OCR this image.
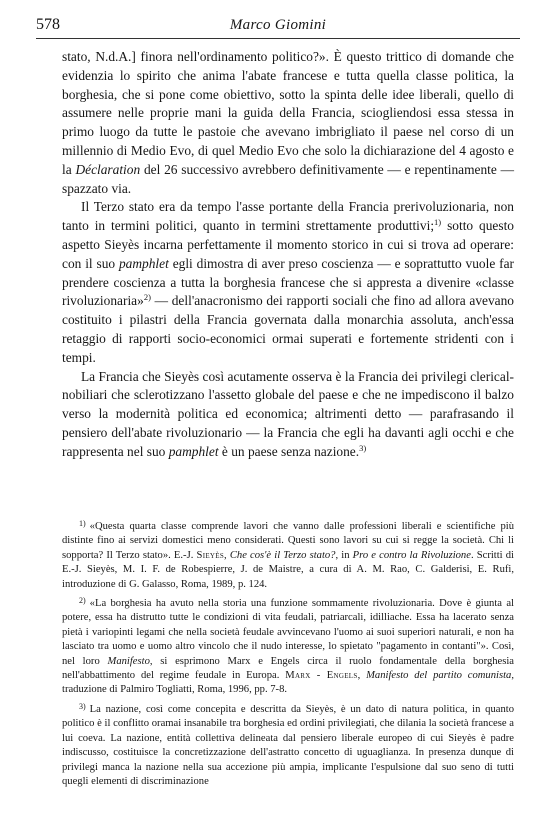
578	Marco Giomini

stato, N.d.A.] finora nell'ordinamento politico?». È questo trittico di domande che evidenzia lo spirito che anima l'abate francese e tutta quella classe politica, la borghesia, che si pone come obiettivo, sotto la spinta delle idee liberali, quello di assumere nelle proprie mani la guida della Francia, sciogliendosi essa stessa in primo luogo da tutte le pastoie che avevano imbrigliato il paese nel corso di un millennio di Medio Evo, di quel Medio Evo che solo la dichiarazione del 4 agosto e la Déclaration del 26 successivo avrebbero definitivamente — e repentinamente — spazzato via.

Il Terzo stato era da tempo l'asse portante della Francia prerivoluzionaria, non tanto in termini politici, quanto in termini strettamente produttivi;$^{1)}$ sotto questo aspetto Sieyès incarna perfettamente il momento storico in cui si trova ad operare: con il suo pamphlet egli dimostra di aver preso coscienza — e soprattutto vuole far prendere coscienza a tutta la borghesia francese che si appresta a divenire «classe rivoluzionaria»$^{2)}$ — dell'anacronismo dei rapporti sociali che fino ad allora avevano costituito i pilastri della Francia governata dalla monarchia assoluta, anch'essa retaggio di rapporti socio-economici ormai superati e fortemente stridenti con i tempi.

La Francia che Sieyès così acutamente osserva è la Francia dei privilegi clerical-nobiliari che sclerotizzano l'assetto globale del paese e che ne impediscono il balzo verso la modernità politica ed economica; altrimenti detto — parafrasando il pensiero dell'abate rivoluzionario — la Francia che egli ha davanti agli occhi e che rappresenta nel suo pamphlet è un paese senza nazione.$^{3)}$

$^{1)}$ «Questa quarta classe comprende lavori che vanno dalle professioni liberali e scientifiche più distinte fino ai servizi domestici meno considerati. Questi sono lavori su cui si regge la società. Chi li sopporta? Il Terzo stato». E.-J. Sieyès, Che cos'è il Terzo stato?, in Pro e contro la Rivoluzione. Scritti di E.-J. Sieyès, M. I. F. de Robespierre, J. de Maistre, a cura di A. M. Rao, C. Galderisi, E. Rufi, introduzione di G. Galasso, Roma, 1989, p. 124.

$^{2)}$ «La borghesia ha avuto nella storia una funzione sommamente rivoluzionaria. Dove è giunta al potere, essa ha distrutto tutte le condizioni di vita feudali, patriarcali, idilliache. Essa ha lacerato senza pietà i variopinti legami che nella società feudale avvincevano l'uomo ai suoi superiori naturali, e non ha lasciato tra uomo e uomo altro vincolo che il nudo interesse, lo spietato "pagamento in contanti"». Così, nel loro Manifesto, si esprimono Marx e Engels circa il ruolo fondamentale della borghesia nell'abbattimento del regime feudale in Europa. Marx - Engels, Manifesto del partito comunista, traduzione di Palmiro Togliatti, Roma, 1996, pp. 7-8.

$^{3)}$ La nazione, così come concepita e descritta da Sieyès, è un dato di natura politica, in quanto politico è il conflitto oramai insanabile tra borghesia ed ordini privilegiati, che dilania la società francese a lui coeva. La nazione, entità collettiva delineata dal pensiero liberale europeo di cui Sieyès è padre indiscusso, costituisce la concretizzazione dell'astratto concetto di uguaglianza. In presenza dunque di privilegi manca la nazione nella sua accezione più ampia, implicante l'espulsione dal suo seno di tutti quegli elementi di discriminazione
